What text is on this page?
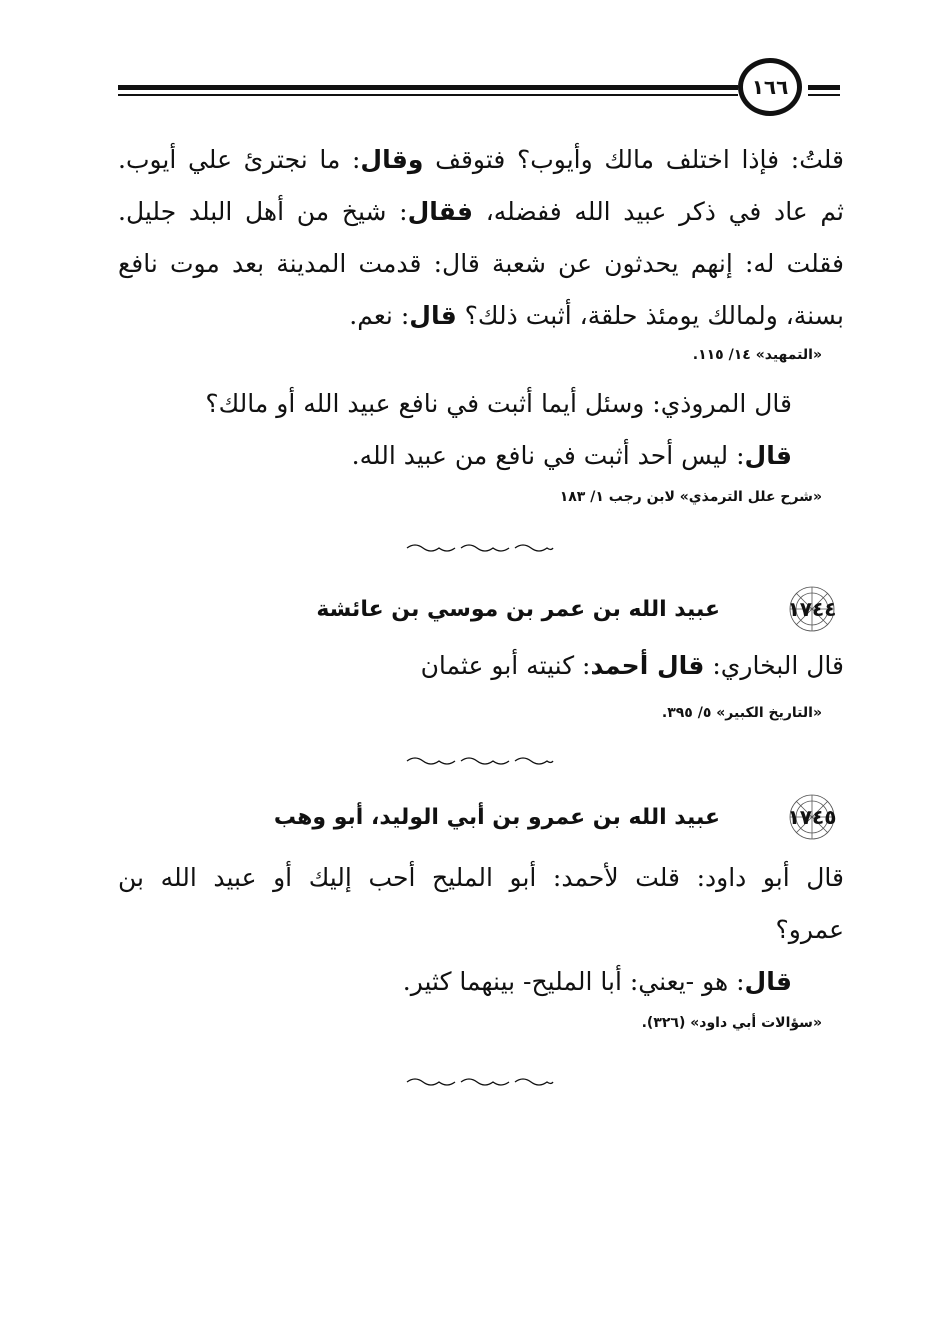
١٦٦
قلتُ: فإذا اختلف مالك وأيوب؟ فتوقف وقال: ما نجترئ علي أيوب.
ثم عاد في ذكر عبيد الله ففضله، فقال: شيخ من أهل البلد جليل.
فقلت له: إنهم يحدثون عن شعبة قال: قدمت المدينة بعد موت نافع
بسنة، ولمالك يومئذ حلقة، أثبت ذلك؟ قال: نعم.
«التمهيد» ١٤/ ١١٥.
قال المروذي: وسئل أيما أثبت في نافع عبيد الله أو مالك؟
قال: ليس أحد أثبت في نافع من عبيد الله.
«شرح علل الترمذي» لابن رجب ١/ ١٨٣
١٧٤٤
عبيد الله بن عمر بن موسي بن عائشة
قال البخاري: قال أحمد: كنيته أبو عثمان
«التاريخ الكبير» ٥/ ٣٩٥.
١٧٤٥
عبيد الله بن عمرو بن أبي الوليد، أبو وهب
قال أبو داود: قلت لأحمد: أبو المليح أحب إليك أو عبيد الله بن
عمرو؟
قال: هو -يعني: أبا المليح- بينهما كثير.
«سؤالات أبي داود» (٣٢٦).
